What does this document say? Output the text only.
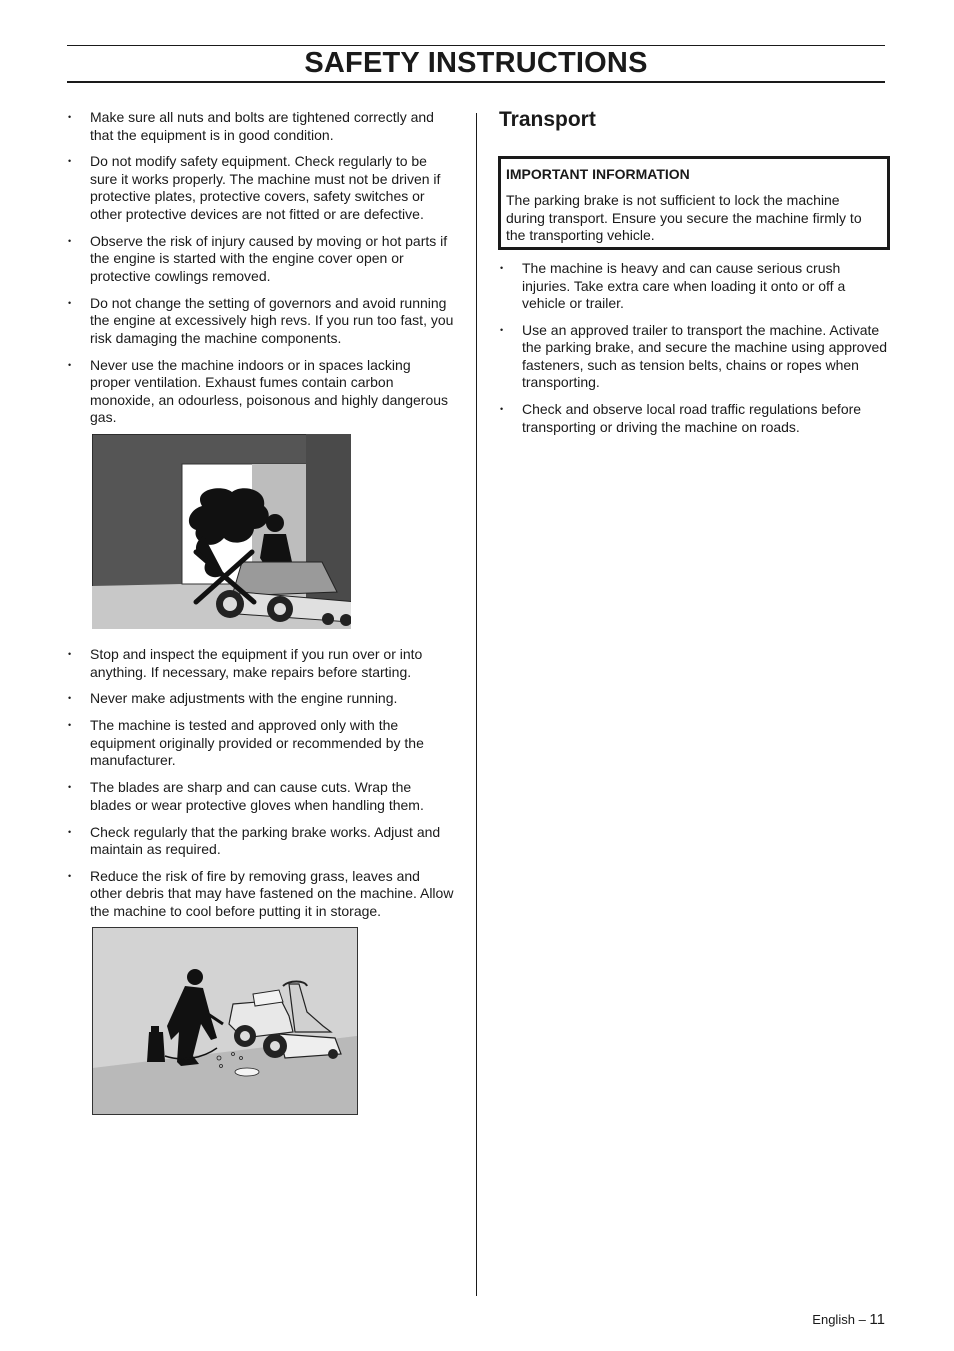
SAFETY INSTRUCTIONS
• Make sure all nuts and bolts are tightened correctly and that the equipment is in good condition.
• Do not modify safety equipment. Check regularly to be sure it works properly. The machine must not be driven if protective plates, protective covers, safety switches or other protective devices are not fitted or are defective.
• Observe the risk of injury caused by moving or hot parts if the engine is started with the engine cover open or protective cowlings removed.
• Do not change the setting of governors and avoid running the engine at excessively high revs. If you run too fast, you risk damaging the machine components.
• Never use the machine indoors or in spaces lacking proper ventilation. Exhaust fumes contain carbon monoxide, an odourless, poisonous and highly dangerous gas.
• Stop and inspect the equipment if you run over or into anything. If necessary, make repairs before starting.
• Never make adjustments with the engine running.
• The machine is tested and approved only with the equipment originally provided or recommended by the manufacturer.
• The blades are sharp and can cause cuts. Wrap the blades or wear protective gloves when handling them.
• Check regularly that the parking brake works. Adjust and maintain as required.
• Reduce the risk of fire by removing grass, leaves and other debris that may have fastened on the machine. Allow the machine to cool before putting it in storage.
Transport
IMPORTANT INFORMATION
The parking brake is not sufficient to lock the machine during transport. Ensure you secure the machine firmly to the transporting vehicle.
• The machine is heavy and can cause serious crush injuries. Take extra care when loading it onto or off a vehicle or trailer.
• Use an approved trailer to transport the machine. Activate the parking brake, and secure the machine using approved fasteners, such as tension belts, chains or ropes when transporting.
• Check and observe local road traffic regulations before transporting or driving the machine on roads.
English – 11
